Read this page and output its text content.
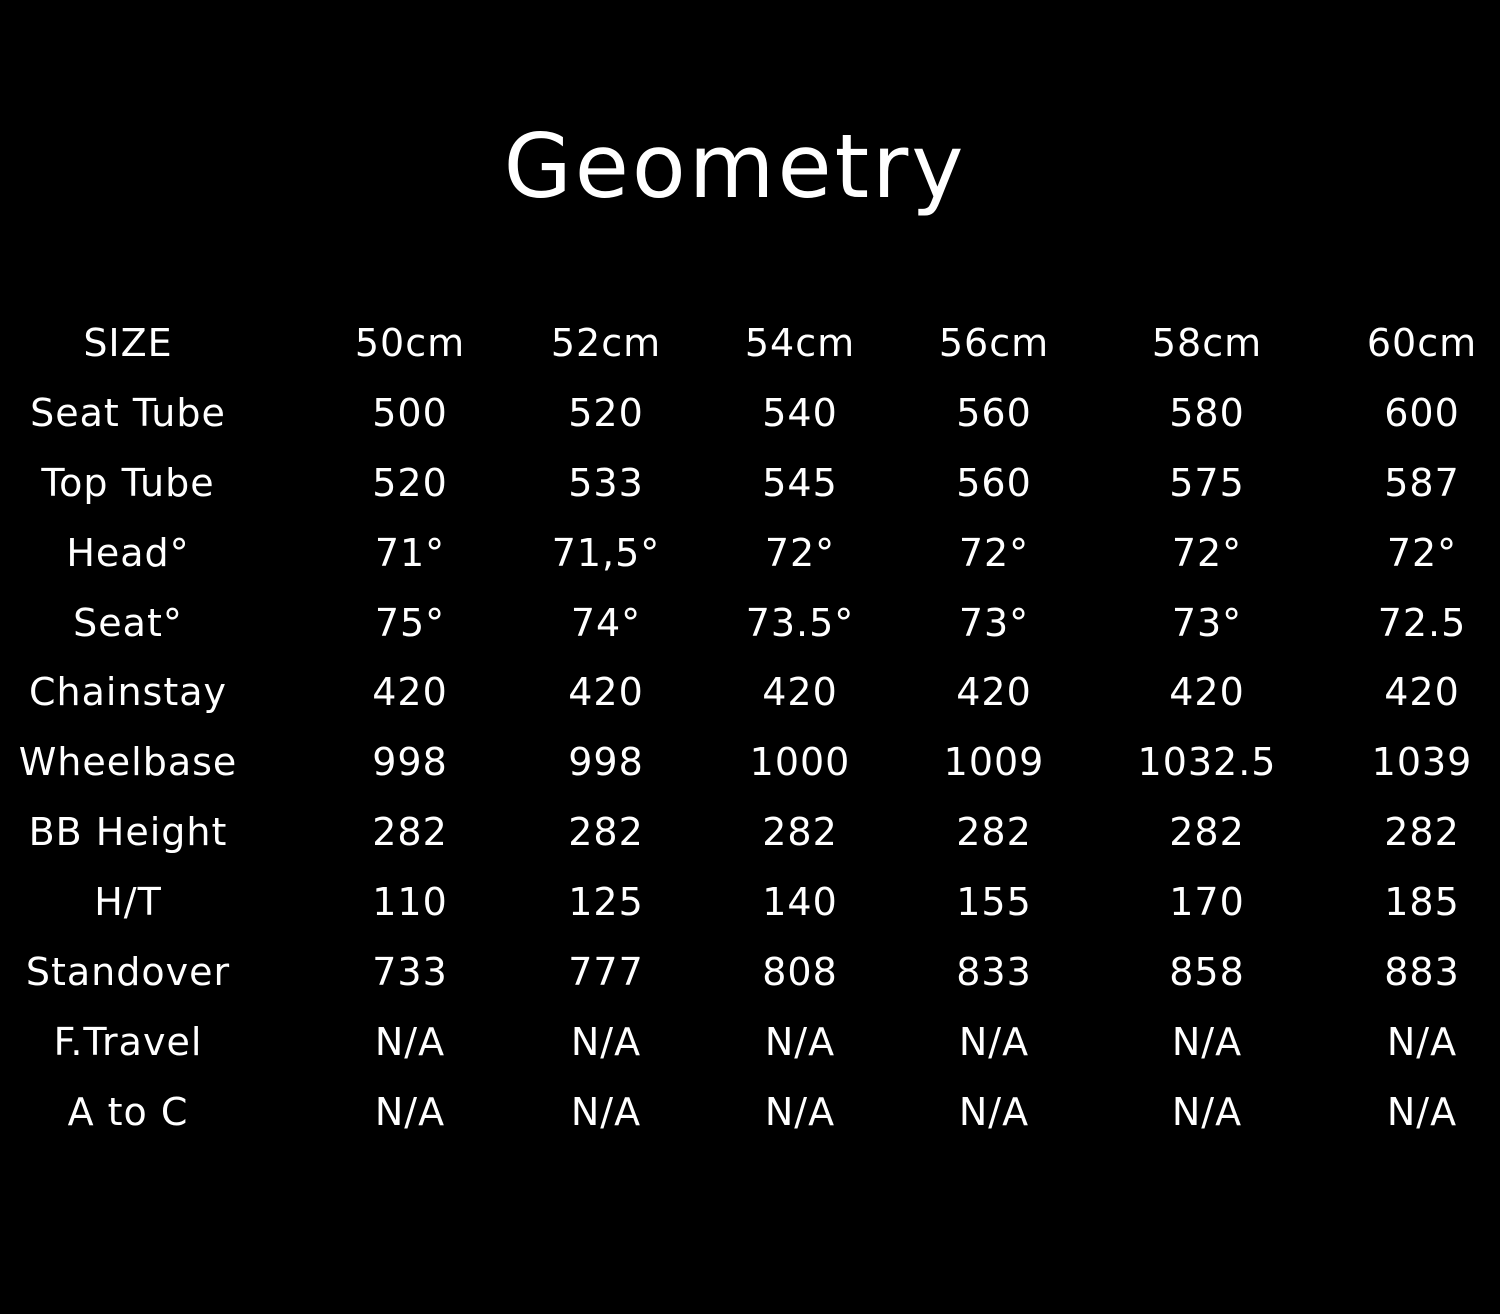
Geometry
SIZE	50cm	52cm	54cm	56cm	58cm	60cm
Seat Tube	500	520	540	560	580	600
Top Tube	520	533	545	560	575	587
Head°	71°	71,5°	72°	72°	72°	72°
Seat°	75°	74°	73.5°	73°	73°	72.5
Chainstay	420	420	420	420	420	420
Wheelbase	998	998	1000	1009	1032.5	1039
BB Height	282	282	282	282	282	282
H/T	110	125	140	155	170	185
Standover	733	777	808	833	858	883
F.Travel	N/A	N/A	N/A	N/A	N/A	N/A
A to C	N/A	N/A	N/A	N/A	N/A	N/A
